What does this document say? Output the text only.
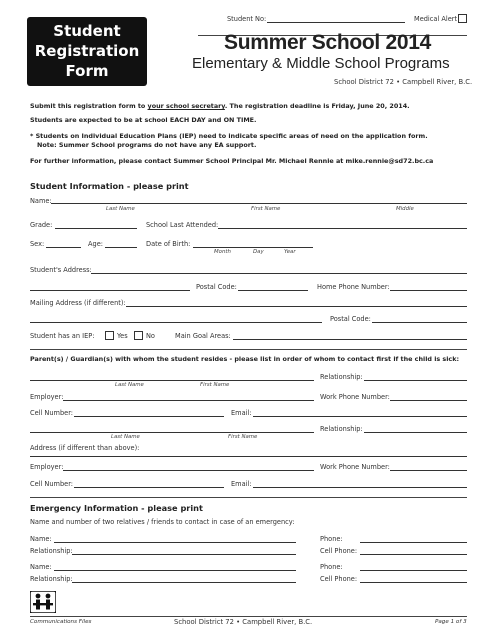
Student
Registration
Form
Student No:	Medical Alert
Summer School 2014
Elementary & Middle School Programs
School District 72 • Campbell River, B.C.
Submit this registration form to your school secretary. The registration deadline is Friday, June 20, 2014.
Students are expected to be at school EACH DAY and ON TIME.
* Students on Individual Education Plans (IEP) need to indicate specific areas of need on the application form.
Note: Summer School programs do not have any EA support.
For further information, please contact Summer School Principal Mr. Michael Rennie at mike.rennie@sd72.bc.ca
Student Information - please print
Name:
Last Name	First Name	Middle
Grade:	School Last Attended:
Sex:	Age:	Date of Birth:
Month	Day	Year
Student's Address:
Postal Code:	Home Phone Number:
Mailing Address (if different):
Postal Code:
Student has an IEP:	Yes	No	Main Goal Areas:
Parent(s) / Guardian(s) with whom the student resides - please list in order of whom to contact first if the child is sick:
Relationship:
Last Name	First Name
Employer:	Work Phone Number:
Cell Number:	Email:
Relationship:
Last Name	First Name
Address (if different than above):
Employer:	Work Phone Number:
Cell Number:	Email:
Emergency Information - please print
Name and number of two relatives / friends to contact in case of an emergency:
Name:	Phone:
Relationship:	Cell Phone:
Name:	Phone:
Relationship:	Cell Phone:
Communications Files	School District 72 • Campbell River, B.C.	Page 1 of 3
